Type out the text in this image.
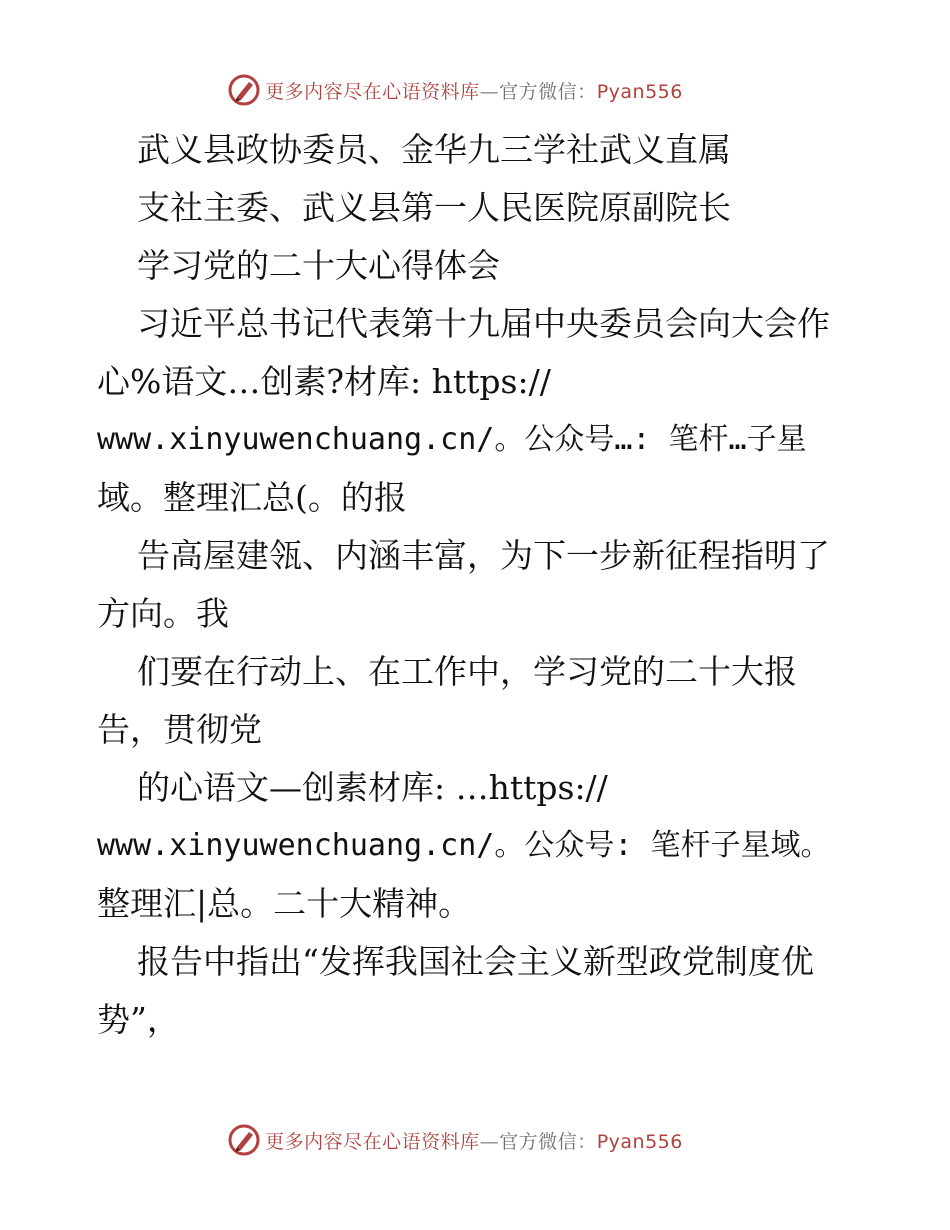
更多内容尽在心语资料库—官方微信：Pyan556
武义县政协委员、金华九三学社武义直属
支社主委、武义县第一人民医院原副院长
学习党的二十大心得体会
习近平总书记代表第十九届中央委员会向大会作
心%语文…创素?材库: https://
www.xinyuwenchuang.cn/。公众号…: 笔杆…子星
域。整理汇总(。的报
告高屋建瓴、内涵丰富，为下一步新征程指明了
方向。我
们要在行动上、在工作中，学习党的二十大报
告，贯彻党
的心语文—创素材库: …https://
www.xinyuwenchuang.cn/。公众号: 笔杆子星域。
整理汇|总。二十大精神。
报告中指出“发挥我国社会主义新型政党制度优
势”，
更多内容尽在心语资料库—官方微信：Pyan556
